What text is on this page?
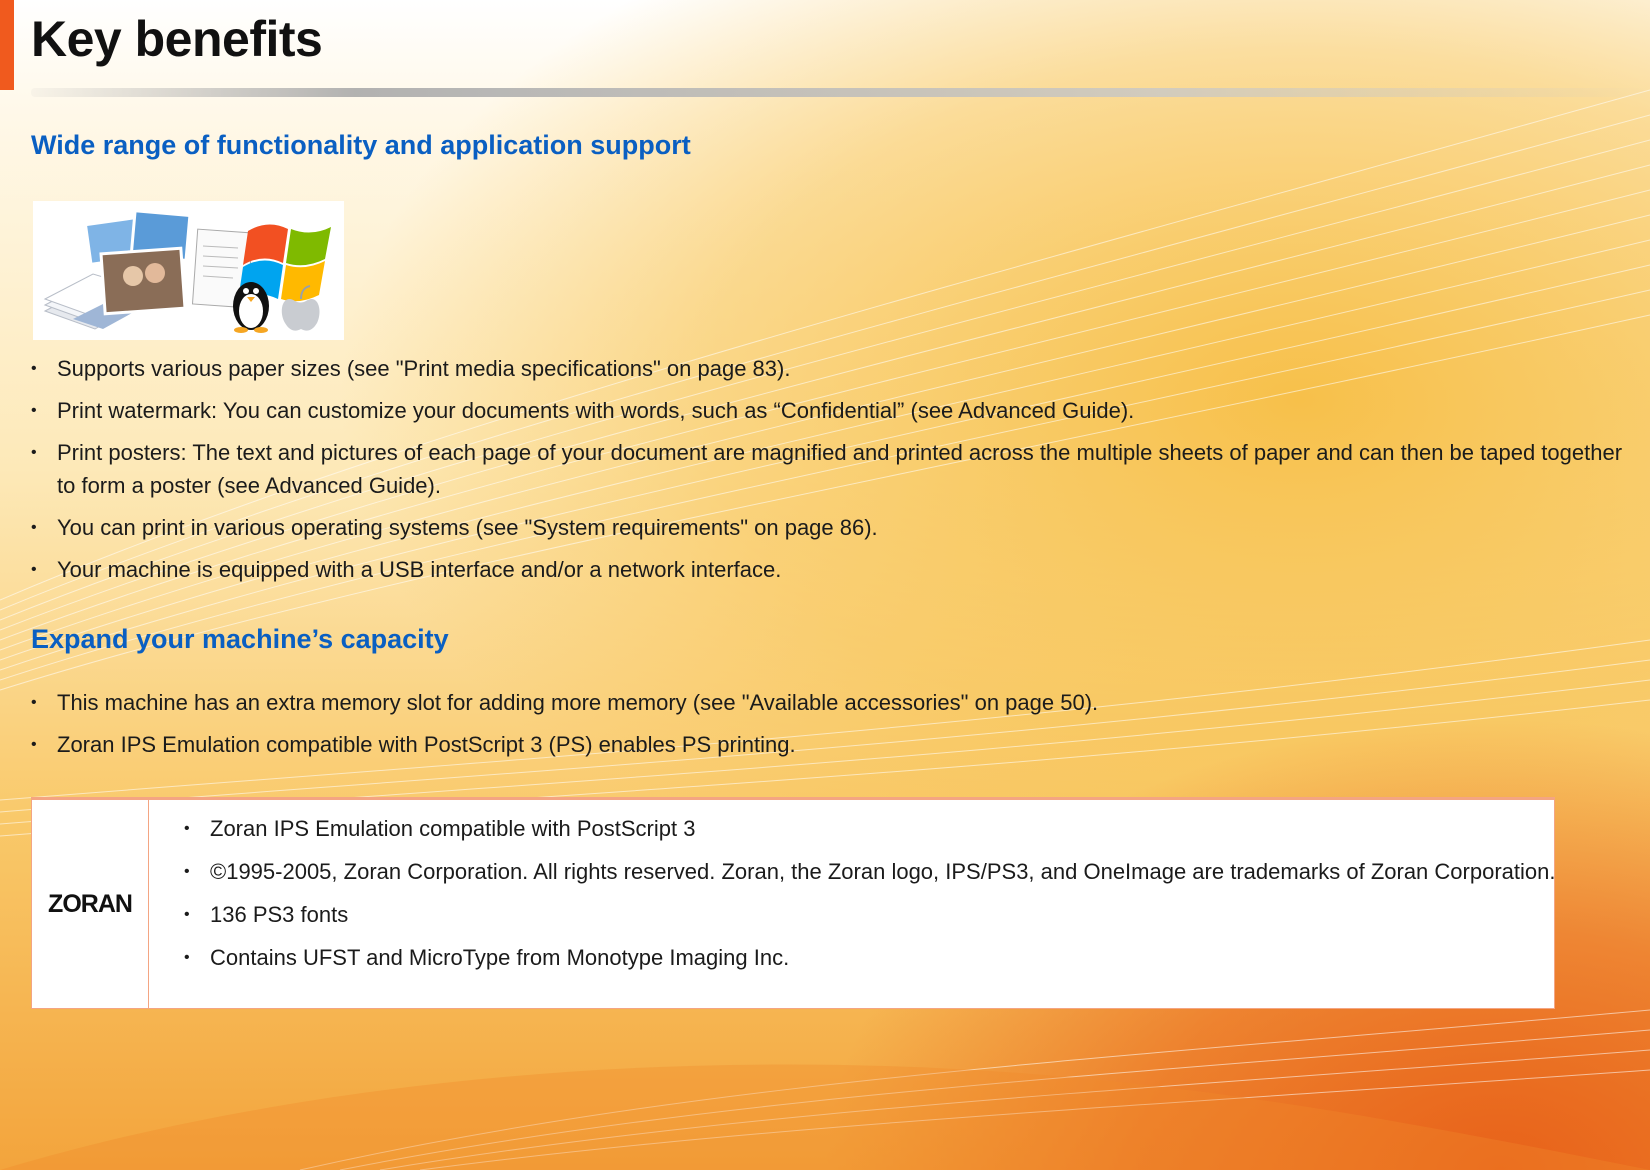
Key benefits
Wide range of functionality and application support
• Supports various paper sizes (see "Print media specifications" on page 83).
• Print watermark: You can customize your documents with words, such as “Confidential” (see Advanced Guide).
• Print posters: The text and pictures of each page of your document are magnified and printed across the multiple sheets of paper and can then be taped together to form a poster (see Advanced Guide).
• You can print in various operating systems (see "System requirements" on page 86).
• Your machine is equipped with a USB interface and/or a network interface.
Expand your machine’s capacity
• This machine has an extra memory slot for adding more memory (see "Available accessories" on page 50).
• Zoran IPS Emulation compatible with PostScript 3 (PS) enables PS printing.
ZORAN
• Zoran IPS Emulation compatible with PostScript 3
• ©1995-2005, Zoran Corporation. All rights reserved. Zoran, the Zoran logo, IPS/PS3, and OneImage are trademarks of Zoran Corporation.
• 136 PS3 fonts
• Contains UFST and MicroType from Monotype Imaging Inc.
